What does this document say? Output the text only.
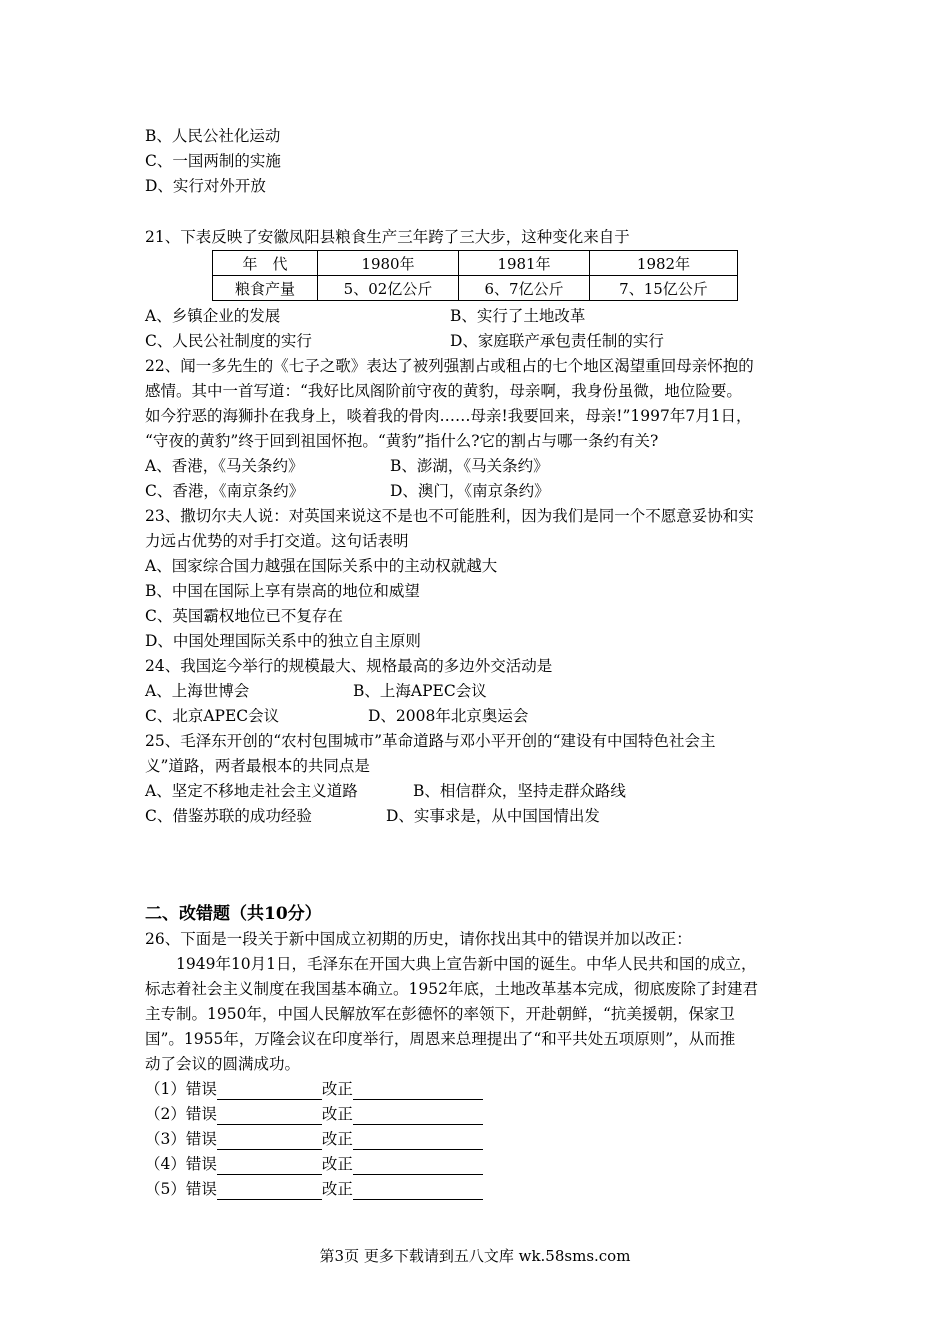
B、人民公社化运动
C、一国两制的实施
D、实行对外开放
21、下表反映了安徽凤阳县粮食生产三年跨了三大步，这种变化来自于
年　代	1980年	1981年	1982年
粮食产量	5、02亿公斤	6、7亿公斤	7、15亿公斤
A、乡镇企业的发展	B、实行了土地改革
C、人民公社制度的实行	D、家庭联产承包责任制的实行
22、闻一多先生的《七子之歌》表达了被列强割占或租占的七个地区渴望重回母亲怀抱的
感情。其中一首写道：“我好比凤阁阶前守夜的黄豹，母亲啊，我身份虽微，地位险要。
如今狞恶的海狮扑在我身上，啖着我的骨肉……母亲!我要回来，母亲!”1997年7月1日，
“守夜的黄豹”终于回到祖国怀抱。“黄豹”指什么?它的割占与哪一条约有关?
A、香港，《马关条约》	B、澎湖，《马关条约》
C、香港，《南京条约》	D、澳门，《南京条约》
23、撒切尔夫人说：对英国来说这不是也不可能胜利，因为我们是同一个不愿意妥协和实
力远占优势的对手打交道。这句话表明
A、国家综合国力越强在国际关系中的主动权就越大
B、中国在国际上享有崇高的地位和威望
C、英国霸权地位已不复存在
D、中国处理国际关系中的独立自主原则
24、我国迄今举行的规模最大、规格最高的多边外交活动是
A、上海世博会	B、上海APEC会议
C、北京APEC会议	D、2008年北京奥运会
25、毛泽东开创的“农村包围城市”革命道路与邓小平开创的“建设有中国特色社会主
义”道路，两者最根本的共同点是
A、坚定不移地走社会主义道路	B、相信群众，坚持走群众路线
C、借鉴苏联的成功经验	D、实事求是，从中国国情出发
二、改错题（共10分）
26、下面是一段关于新中国成立初期的历史，请你找出其中的错误并加以改正：
1949年10月1日，毛泽东在开国大典上宣告新中国的诞生。中华人民共和国的成立，
标志着社会主义制度在我国基本确立。1952年底，土地改革基本完成，彻底废除了封建君
主专制。1950年，中国人民解放军在彭德怀的率领下，开赴朝鲜，“抗美援朝，保家卫
国”。1955年，万隆会议在印度举行，周恩来总理提出了“和平共处五项原则”，从而推
动了会议的圆满成功。
（1）错误	改正
（2）错误	改正
（3）错误	改正
（4）错误	改正
（5）错误	改正
第3页 更多下载请到五八文库 wk.58sms.com
